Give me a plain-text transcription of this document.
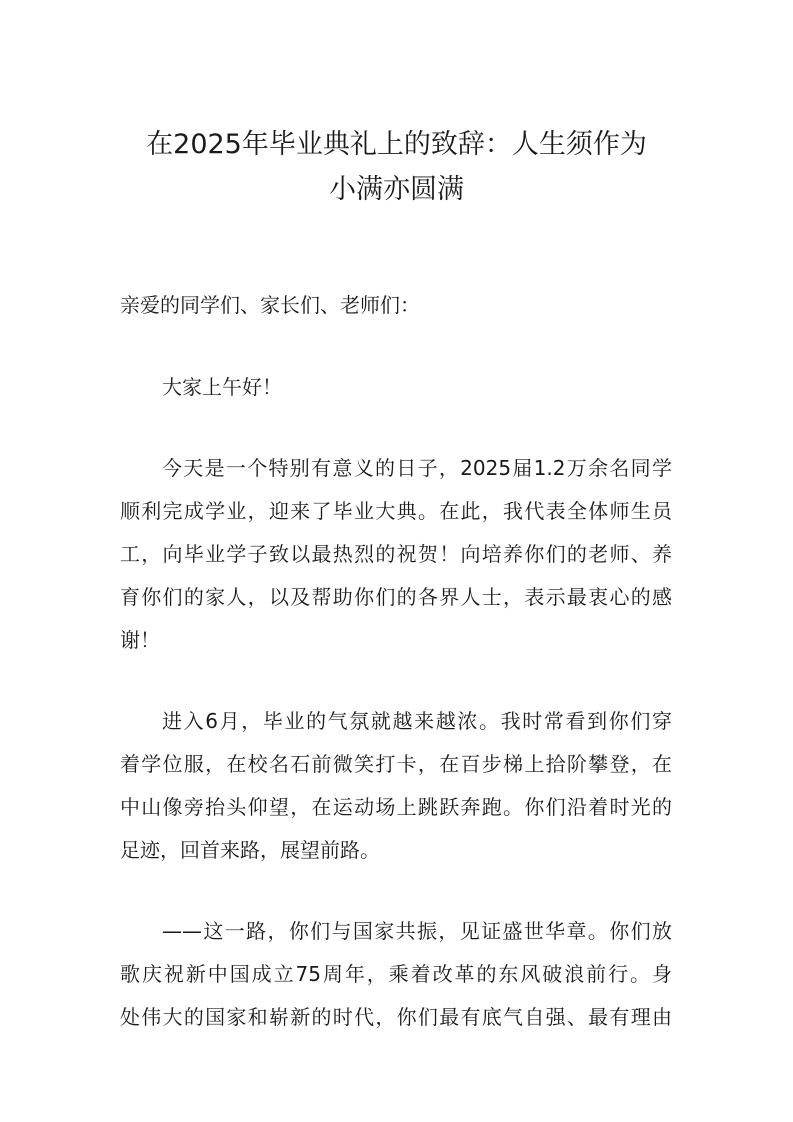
在2025年毕业典礼上的致辞：人生须作为
小满亦圆满
亲爱的同学们、家长们、老师们：
大家上午好！
今天是一个特别有意义的日子，2025届1.2万余名同学
顺利完成学业，迎来了毕业大典。在此，我代表全体师生员
工，向毕业学子致以最热烈的祝贺！向培养你们的老师、养
育你们的家人，以及帮助你们的各界人士，表示最衷心的感
谢！
进入6月，毕业的气氛就越来越浓。我时常看到你们穿
着学位服，在校名石前微笑打卡，在百步梯上拾阶攀登，在
中山像旁抬头仰望，在运动场上跳跃奔跑。你们沿着时光的
足迹，回首来路，展望前路。
——这一路，你们与国家共振，见证盛世华章。你们放
歌庆祝新中国成立75周年，乘着改革的东风破浪前行。身
处伟大的国家和崭新的时代，你们最有底气自强、最有理由
